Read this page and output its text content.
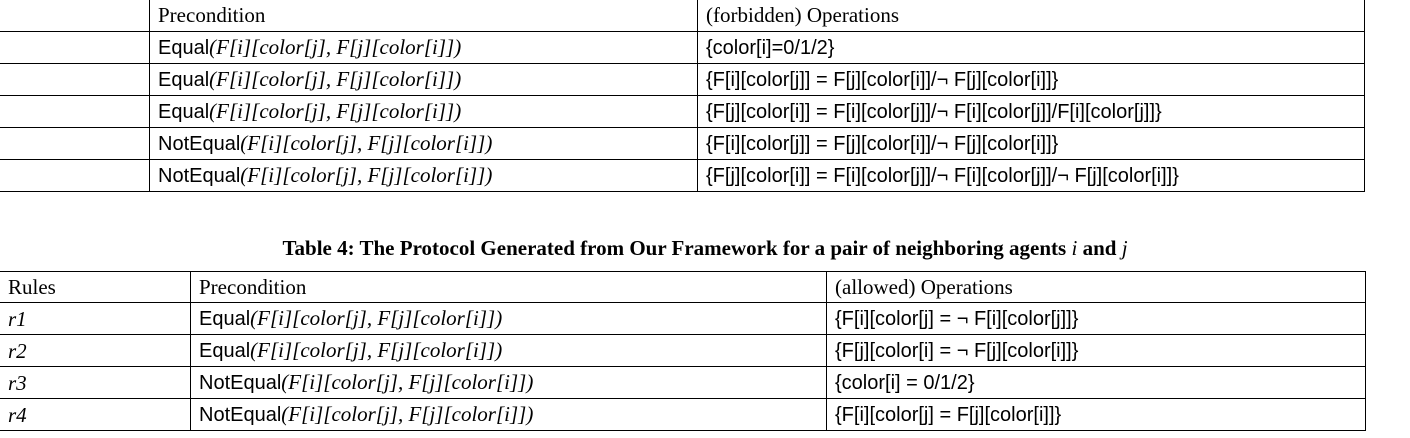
	Precondition	(forbidden) Operations
	Equal(F[i][color[j], F[j][color[i]])	{color[i]=0/1/2}
	Equal(F[i][color[j], F[j][color[i]])	{F[i][color[j]] = F[j][color[i]]/¬ F[j][color[i]]}
	Equal(F[i][color[j], F[j][color[i]])	{F[j][color[i]] = F[i][color[j]]/¬ F[i][color[j]]/F[i][color[j]]}
	NotEqual(F[i][color[j], F[j][color[i]])	{F[i][color[j]] = F[j][color[i]]/¬ F[j][color[i]]}
	NotEqual(F[i][color[j], F[j][color[i]])	{F[j][color[i]] = F[i][color[j]]/¬ F[i][color[j]]/¬ F[j][color[i]]}
Table 4: The Protocol Generated from Our Framework for a pair of neighboring agents i and j
Rules	Precondition	(allowed) Operations
r1	Equal(F[i][color[j], F[j][color[i]])	{F[i][color[j] = ¬ F[i][color[j]]}
r2	Equal(F[i][color[j], F[j][color[i]])	{F[j][color[i] = ¬ F[j][color[i]]}
r3	NotEqual(F[i][color[j], F[j][color[i]])	{color[i] = 0/1/2}
r4	NotEqual(F[i][color[j], F[j][color[i]])	{F[i][color[j] = F[j][color[i]]}
